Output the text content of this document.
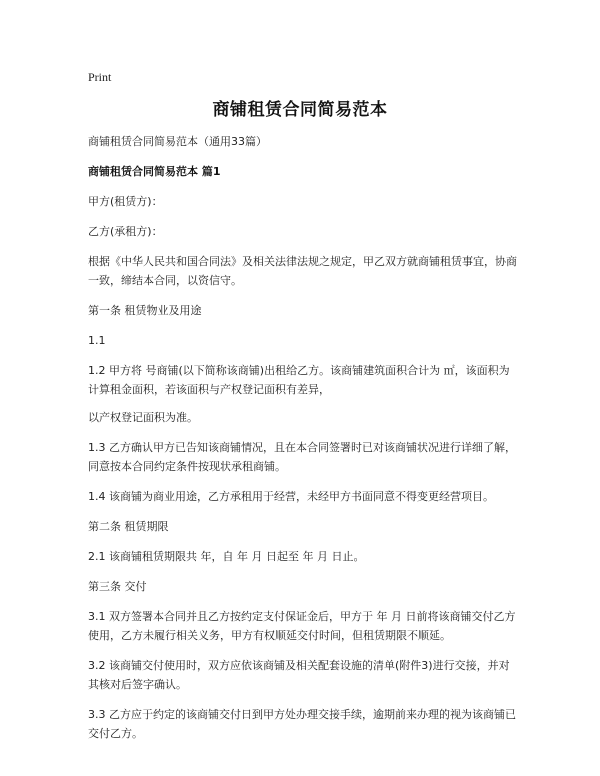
Print
商铺租赁合同简易范本

商铺租赁合同简易范本（通用33篇）

商铺租赁合同简易范本 篇1

甲方(租赁方)：

乙方(承租方)：

根据《中华人民共和国合同法》及相关法律法规之规定，甲乙双方就商铺租赁事宜，协商一致，缔结本合同，以资信守。

第一条 租赁物业及用途

1.1

1.2 甲方将 号商铺(以下简称该商铺)出租给乙方。该商铺建筑面积合计为 ㎡，该面积为计算租金面积，若该面积与产权登记面积有差异，

以产权登记面积为准。

1.3 乙方确认甲方已告知该商铺情况，且在本合同签署时已对该商铺状况进行详细了解，同意按本合同约定条件按现状承租商铺。

1.4 该商铺为商业用途，乙方承租用于经营，未经甲方书面同意不得变更经营项目。

第二条 租赁期限

2.1 该商铺租赁期限共 年，自 年 月 日起至 年 月 日止。

第三条 交付

3.1 双方签署本合同并且乙方按约定支付保证金后，甲方于 年 月 日前将该商铺交付乙方使用，乙方未履行相关义务，甲方有权顺延交付时间，但租赁期限不顺延。

3.2 该商铺交付使用时，双方应依该商铺及相关配套设施的清单(附件3)进行交接，并对其核对后签字确认。

3.3 乙方应于约定的该商铺交付日到甲方处办理交接手续，逾期前来办理的视为该商铺已交付乙方。
